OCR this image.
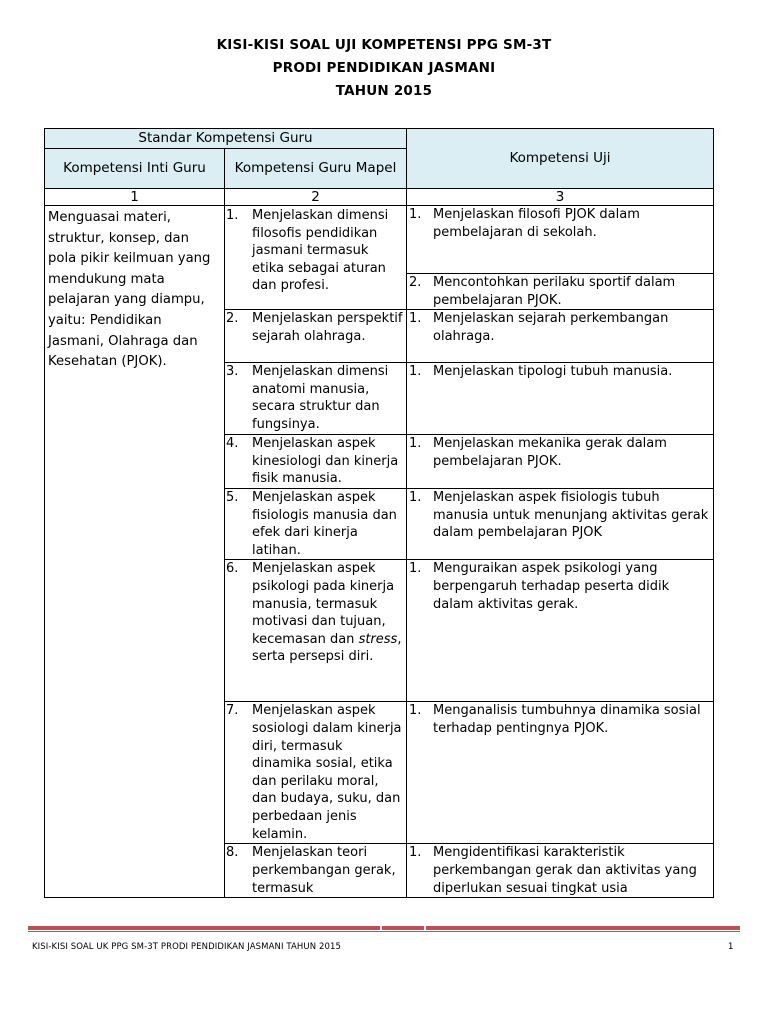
KISI-KISI SOAL UJI KOMPETENSI PPG SM-3T
PRODI PENDIDIKAN JASMANI
TAHUN 2015
Standar Kompetensi Guru		Kompetensi Uji
Kompetensi Inti Guru	Kompetensi Guru Mapel	
1	2	3
Menguasai materi, struktur, konsep, dan pola pikir keilmuan yang mendukung mata pelajaran yang diampu, yaitu: Pendidikan Jasmani, Olahraga dan Kesehatan (PJOK).	1. Menjelaskan dimensi filosofis pendidikan jasmani termasuk etika sebagai aturan dan profesi.	1. Menjelaskan filosofi PJOK dalam pembelajaran di sekolah.

		2. Mencontohkan perilaku sportif dalam pembelajaran PJOK.

	2. Menjelaskan perspektif sejarah olahraga.	1. Menjelaskan sejarah perkembangan olahraga.

	3. Menjelaskan dimensi anatomi manusia, secara struktur dan fungsinya.	1. Menjelaskan tipologi tubuh manusia.

	4. Menjelaskan aspek kinesiologi dan kinerja fisik manusia.	1. Menjelaskan mekanika gerak dalam pembelajaran PJOK.

	5. Menjelaskan aspek fisiologis manusia dan efek dari kinerja latihan.	1. Menjelaskan aspek fisiologis tubuh manusia untuk menunjang aktivitas gerak dalam pembelajaran PJOK

	6. Menjelaskan aspek psikologi pada kinerja manusia, termasuk motivasi dan tujuan, kecemasan dan stress, serta persepsi diri.	1. Menguraikan aspek psikologi yang berpengaruh terhadap peserta didik dalam aktivitas gerak.

	7. Menjelaskan aspek sosiologi dalam kinerja diri, termasuk dinamika sosial, etika dan perilaku moral, dan budaya, suku, dan perbedaan jenis kelamin.	1. Menganalisis tumbuhnya dinamika sosial terhadap pentingnya PJOK.

	8. Menjelaskan teori perkembangan gerak, termasuk	1. Mengidentifikasi karakteristik perkembangan gerak dan aktivitas yang diperlukan sesuai tingkat usia
KISI-KISI SOAL UK PPG SM-3T PRODI PENDIDIKAN JASMANI TAHUN 2015	1
